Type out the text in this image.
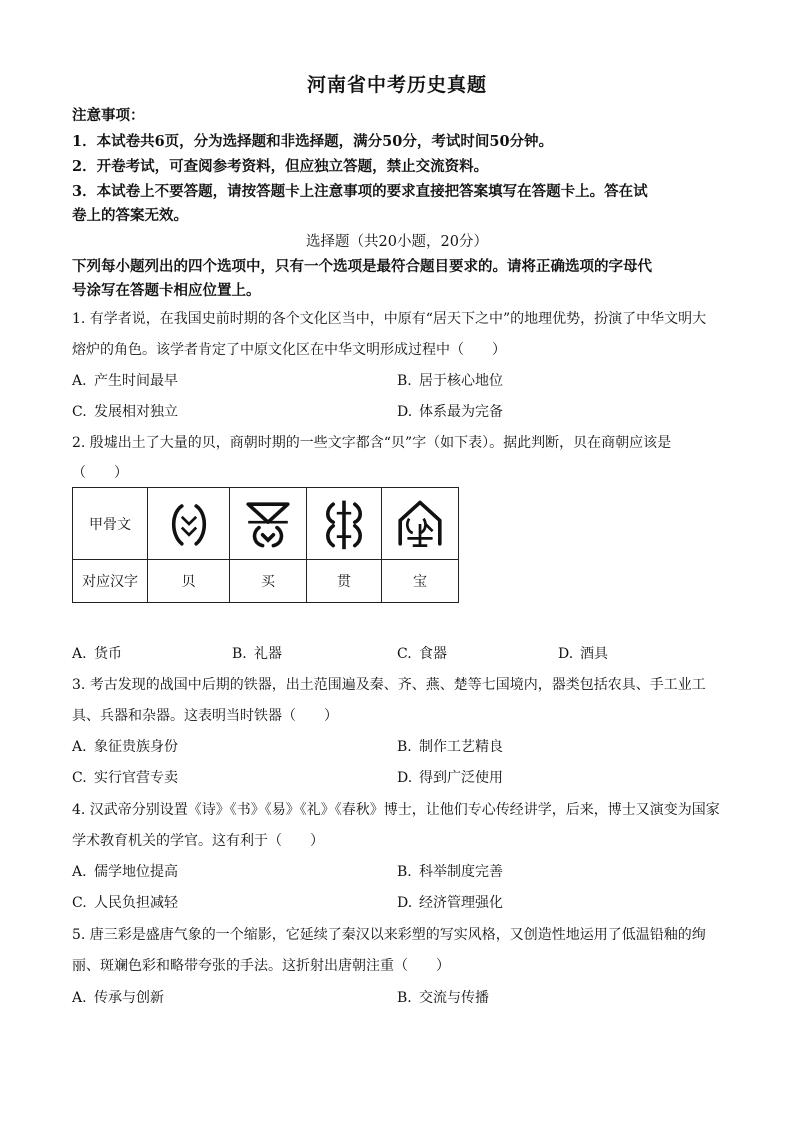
河南省中考历史真题
注意事项：
1．本试卷共6页，分为选择题和非选择题，满分50分，考试时间50分钟。
2．开卷考试，可查阅参考资料，但应独立答题，禁止交流资料。
3．本试卷上不要答题，请按答题卡上注意事项的要求直接把答案填写在答题卡上。答在试
卷上的答案无效。
选择题（共20小题，20分）
下列每小题列出的四个选项中，只有一个选项是最符合题目要求的。请将正确选项的字母代
号涂写在答题卡相应位置上。
1. 有学者说，在我国史前时期的各个文化区当中，中原有“居天下之中”的地理优势，扮演了中华文明大
熔炉的角色。该学者肯定了中原文化区在中华文明形成过程中（　　）
A. 产生时间最早	B. 居于核心地位
C. 发展相对独立	D. 体系最为完备
2. 殷墟出土了大量的贝，商朝时期的一些文字都含“贝”字（如下表）。据此判断，贝在商朝应该是
（　　）
甲骨文	

对应汉字	贝	买	贯	宝
A. 货币	B. 礼器	C. 食器	D. 酒具
3. 考古发现的战国中后期的铁器，出土范围遍及秦、齐、燕、楚等七国境内，器类包括农具、手工业工
具、兵器和杂器。这表明当时铁器（　　）
A. 象征贵族身份	B. 制作工艺精良
C. 实行官营专卖	D. 得到广泛使用
4. 汉武帝分别设置《诗》《书》《易》《礼》《春秋》博士，让他们专心传经讲学，后来，博士又演变为国家
学术教育机关的学官。这有利于（　　）
A. 儒学地位提高	B. 科举制度完善
C. 人民负担减轻	D. 经济管理强化
5. 唐三彩是盛唐气象的一个缩影，它延续了秦汉以来彩塑的写实风格，又创造性地运用了低温铅釉的绚
丽、斑斓色彩和略带夸张的手法。这折射出唐朝注重（　　）
A. 传承与创新	B. 交流与传播
